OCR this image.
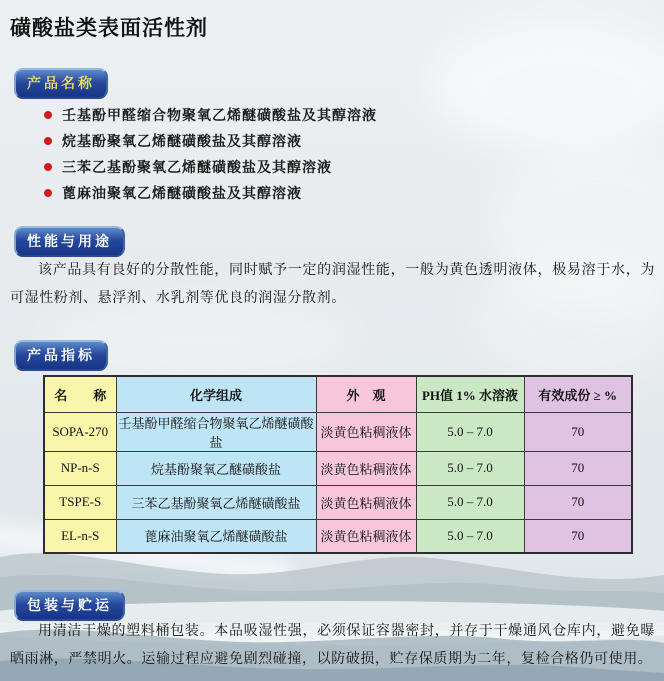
磺酸盐类表面活性剂
产品名称
壬基酚甲醛缩合物聚氧乙烯醚磺酸盐及其醇溶液
烷基酚聚氧乙烯醚磺酸盐及其醇溶液
三苯乙基酚聚氧乙烯醚磺酸盐及其醇溶液
蓖麻油聚氧乙烯醚磺酸盐及其醇溶液
性能与用途

该产品具有良好的分散性能，同时赋予一定的润湿性能，一般为黄色透明液体，极易溶于水，为可湿性粉剂、悬浮剂、水乳剂等优良的润湿分散剂。

产品指标
名　　称	化学组成	外　观	PH值 1% 水溶液	有效成份 ≥ %
SOPA-270	壬基酚甲醛缩合物聚氧乙烯醚磺酸盐	淡黄色粘稠液体	5.0 – 7.0	70
NP-n-S	烷基酚聚氧乙醚磺酸盐	淡黄色粘稠液体	5.0 – 7.0	70
TSPE-S	三苯乙基酚聚氧乙烯醚磺酸盐	淡黄色粘稠液体	5.0 – 7.0	70
EL-n-S	蓖麻油聚氧乙烯醚磺酸盐	淡黄色粘稠液体	5.0 – 7.0	70
包装与贮运

用清洁干燥的塑料桶包装。本品吸湿性强，必须保证容器密封，并存于干燥通风仓库内，避免曝晒雨淋，严禁明火。运输过程应避免剧烈碰撞，以防破损，贮存保质期为二年，复检合格仍可使用。
